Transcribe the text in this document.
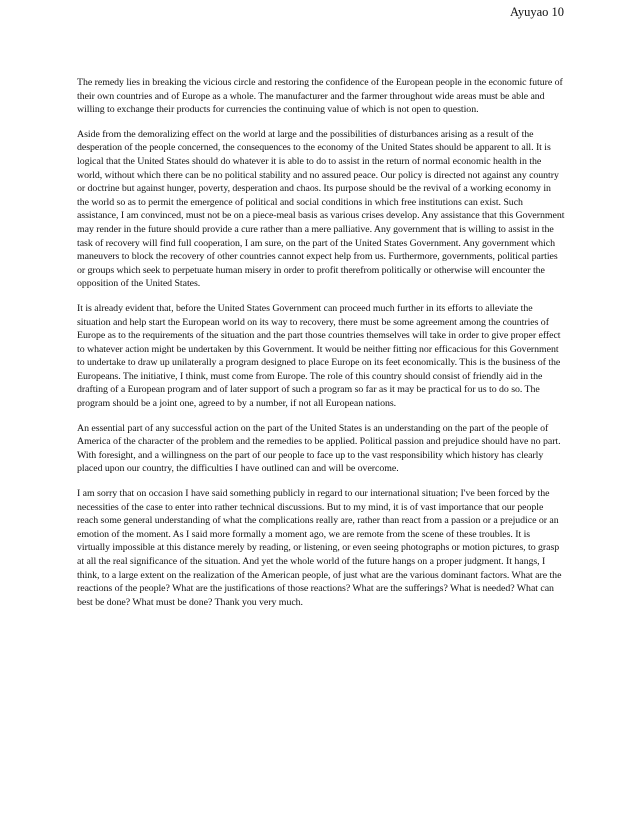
Ayuyao 10

The remedy lies in breaking the vicious circle and restoring the confidence of the European people in the economic future of their own countries and of Europe as a whole. The manufacturer and the farmer throughout wide areas must be able and willing to exchange their products for currencies the continuing value of which is not open to question.

Aside from the demoralizing effect on the world at large and the possibilities of disturbances arising as a result of the desperation of the people concerned, the consequences to the economy of the United States should be apparent to all. It is logical that the United States should do whatever it is able to do to assist in the return of normal economic health in the world, without which there can be no political stability and no assured peace. Our policy is directed not against any country or doctrine but against hunger, poverty, desperation and chaos. Its purpose should be the revival of a working economy in the world so as to permit the emergence of political and social conditions in which free institutions can exist. Such assistance, I am convinced, must not be on a piece-meal basis as various crises develop. Any assistance that this Government may render in the future should provide a cure rather than a mere palliative. Any government that is willing to assist in the task of recovery will find full cooperation, I am sure, on the part of the United States Government. Any government which maneuvers to block the recovery of other countries cannot expect help from us. Furthermore, governments, political parties or groups which seek to perpetuate human misery in order to profit therefrom politically or otherwise will encounter the opposition of the United States.

It is already evident that, before the United States Government can proceed much further in its efforts to alleviate the situation and help start the European world on its way to recovery, there must be some agreement among the countries of Europe as to the requirements of the situation and the part those countries themselves will take in order to give proper effect to whatever action might be undertaken by this Government. It would be neither fitting nor efficacious for this Government to undertake to draw up unilaterally a program designed to place Europe on its feet economically. This is the business of the Europeans. The initiative, I think, must come from Europe. The role of this country should consist of friendly aid in the drafting of a European program and of later support of such a program so far as it may be practical for us to do so. The program should be a joint one, agreed to by a number, if not all European nations.

An essential part of any successful action on the part of the United States is an understanding on the part of the people of America of the character of the problem and the remedies to be applied. Political passion and prejudice should have no part. With foresight, and a willingness on the part of our people to face up to the vast responsibility which history has clearly placed upon our country, the difficulties I have outlined can and will be overcome.

I am sorry that on occasion I have said something publicly in regard to our international situation; I've been forced by the necessities of the case to enter into rather technical discussions. But to my mind, it is of vast importance that our people reach some general understanding of what the complications really are, rather than react from a passion or a prejudice or an emotion of the moment. As I said more formally a moment ago, we are remote from the scene of these troubles. It is virtually impossible at this distance merely by reading, or listening, or even seeing photographs or motion pictures, to grasp at all the real significance of the situation. And yet the whole world of the future hangs on a proper judgment. It hangs, I think, to a large extent on the realization of the American people, of just what are the various dominant factors. What are the reactions of the people? What are the justifications of those reactions? What are the sufferings? What is needed? What can best be done? What must be done? Thank you very much.
